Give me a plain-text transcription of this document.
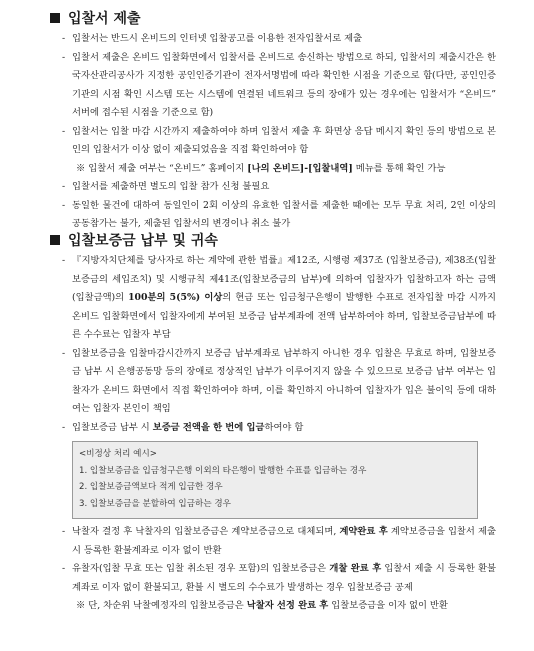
입찰서 제출
- 입찰서는 반드시 온비드의 인터넷 입찰공고를 이용한 전자입찰서로 제출
- 입찰서 제출은 온비드 입찰화면에서 입찰서를 온비드로 송신하는 방법으로 하되, 입찰서의 제출시간은 한국자산관리공사가 지정한 공인인증기관이 전자서명법에 따라 확인한 시점을 기준으로 함(다만, 공인인증기관의 시점 확인 시스템 또는 시스템에 연결된 네트워크 등의 장애가 있는 경우에는 입찰서가 “온비드” 서버에 접수된 시점을 기준으로 함)
- 입찰서는 입찰 마감 시간까지 제출하여야 하며 입찰서 제출 후 화면상 응답 메시지 확인 등의 방법으로 본인의 입찰서가 이상 없이 제출되었음을 직접 확인하여야 함
※ 입찰서 제출 여부는 “온비드” 홈페이지 [나의 온비드]-[입찰내역] 메뉴를 통해 확인 가능
- 입찰서를 제출하면 별도의 입찰 참가 신청 불필요
- 동일한 물건에 대하여 동일인이 2회 이상의 유효한 입찰서를 제출한 때에는 모두 무효 처리, 2인 이상의 공동참가는 불가, 제출된 입찰서의 변경이나 취소 불가
입찰보증금 납부 및 귀속
- 『지방자치단체를 당사자로 하는 계약에 관한 법률』제12조, 시행령 제37조 (입찰보증금), 제38조(입찰보증금의 세입조치) 및 시행규칙 제41조(입찰보증금의 납부)에 의하여 입찰자가 입찰하고자 하는 금액(입찰금액)의 100분의 5(5%) 이상의 현금 또는 입금청구은행이 발행한 수표로 전자입찰 마감 시까지 온비드 입찰화면에서 입찰자에게 부여된 보증금 납부계좌에 전액 납부하여야 하며, 입찰보증금납부에 따른 수수료는 입찰자 부담
- 입찰보증금을 입찰마감시간까지 보증금 납부계좌로 납부하지 아니한 경우 입찰은 무효로 하며, 입찰보증금 납부 시 은행공동망 등의 장애로 정상적인 납부가 이루어지지 않을 수 있으므로 보증금 납부 여부는 입찰자가 온비드 화면에서 직접 확인하여야 하며, 이를 확인하지 아니하여 입찰자가 입은 불이익 등에 대하여는 입찰자 본인이 책임
- 입찰보증금 납부 시 보증금 전액을 한 번에 입금하여야 함
<비정상 처리 예시>
1. 입찰보증금을 입금청구은행 이외의 타은행이 발행한 수표를 입금하는 경우
2. 입찰보증금액보다 적게 입금한 경우
3. 입찰보증금을 분할하여 입금하는 경우
- 낙찰자 결정 후 낙찰자의 입찰보증금은 계약보증금으로 대체되며, 계약완료 후 계약보증금을 입찰서 제출 시 등록한 환불계좌로 이자 없이 반환
- 유찰자(입찰 무효 또는 입찰 취소된 경우 포함)의 입찰보증금은 개찰 완료 후 입찰서 제출 시 등록한 환불계좌로 이자 없이 환불되고, 환불 시 별도의 수수료가 발생하는 경우 입찰보증금 공제
※ 단, 차순위 낙찰예정자의 입찰보증금은 낙찰자 선정 완료 후 입찰보증금을 이자 없이 반환
